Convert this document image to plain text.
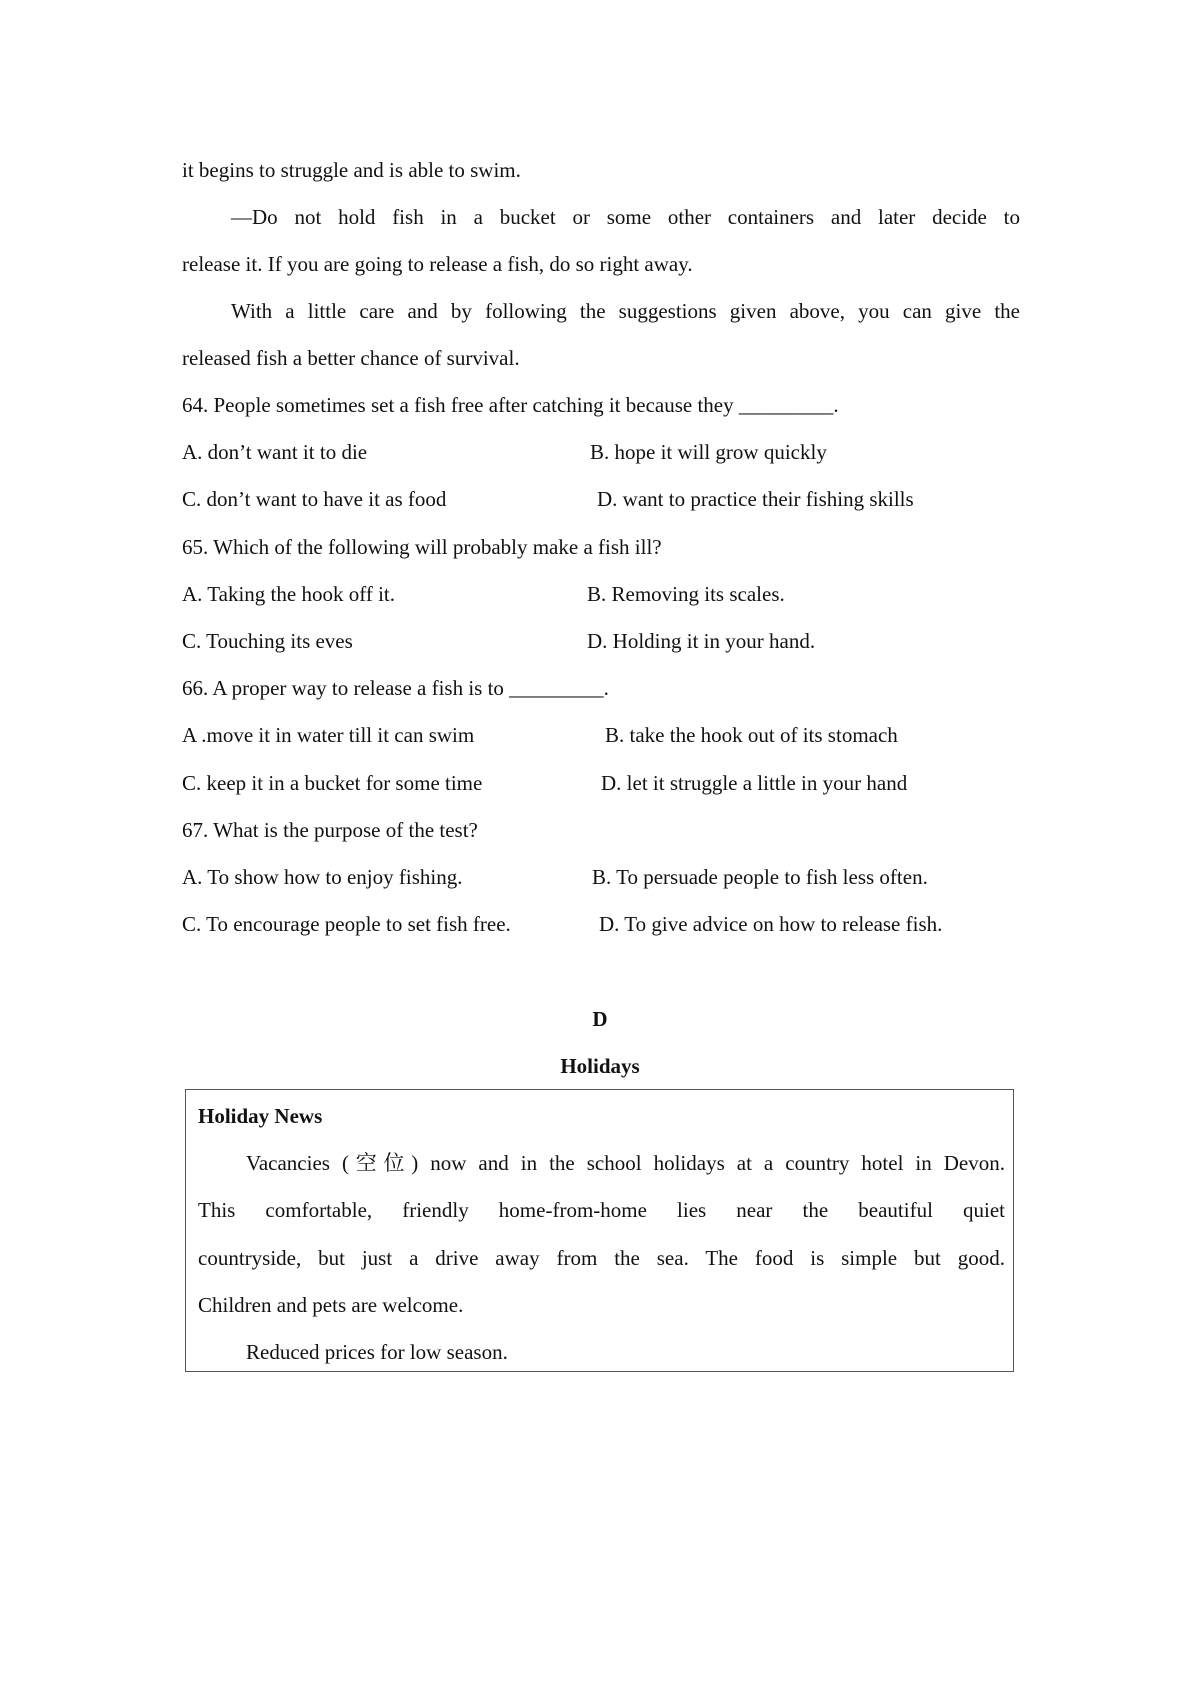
it begins to struggle and is able to swim.
—Do not hold fish in a bucket or some other containers and later decide to
release it. If you are going to release a fish, do so right away.
With a little care and by following the suggestions given above, you can give the
released fish a better chance of survival.
64. People sometimes set a fish free after catching it because they _________.
A. don’t want it to die	B. hope it will grow quickly
C. don’t want to have it as food	D. want to practice their fishing skills
65. Which of the following will probably make a fish ill?
A. Taking the hook off it.	B. Removing its scales.
C. Touching its eves	D. Holding it in your hand.
66. A proper way to release a fish is to _________.
A .move it in water till it can swim	B. take the hook out of its stomach
C. keep it in a bucket for some time	D. let it struggle a little in your hand
67. What is the purpose of the test?
A. To show how to enjoy fishing.	B. To persuade people to fish less often.
C. To encourage people to set fish free.	D. To give advice on how to release fish.
D
Holidays
Holiday News
Vacancies (空位) now and in the school holidays at a country hotel in Devon.
This comfortable, friendly home-from-home lies near the beautiful quiet
countryside, but just a drive away from the sea. The food is simple but good.
Children and pets are welcome.
Reduced prices for low season.
